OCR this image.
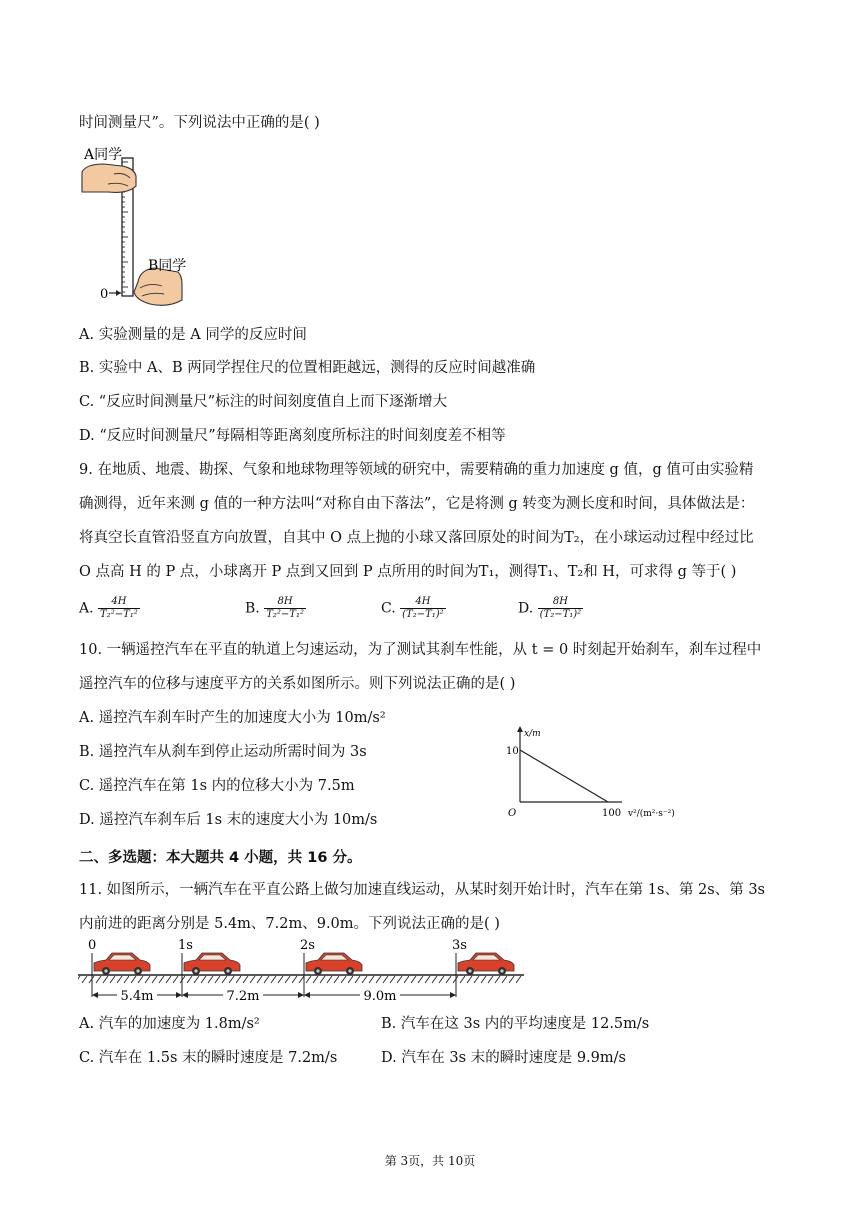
时间测量尺”。下列说法中正确的是( )
A同学
B同学
0
A. 实验测量的是 A 同学的反应时间
B. 实验中 A、B 两同学捏住尺的位置相距越远，测得的反应时间越准确
C. “反应时间测量尺”标注的时间刻度值自上而下逐渐增大
D. “反应时间测量尺”每隔相等距离刻度所标注的时间刻度差不相等
9. 在地质、地震、勘探、气象和地球物理等领域的研究中，需要精确的重力加速度 g 值，g 值可由实验精
确测得，近年来测 g 值的一种方法叫“对称自由下落法”，它是将测 g 转变为测长度和时间，具体做法是：
将真空长直管沿竖直方向放置，自其中 O 点上抛的小球又落回原处的时间为T₂，在小球运动过程中经过比
O 点高 H 的 P 点，小球离开 P 点到又回到 P 点所用的时间为T₁，测得T₁、T₂和 H，可求得 g 等于( )
A. $\frac{4H}{\text{T₂²−T₁²}}$	B. $\frac{8H}{\text{T₂²−T₁²}}$	C. $\frac{4H}{\text{(T₂−T₁)²}}$	D. $\frac{8H}{\text{(T₂−T₁)²}}$
10. 一辆遥控汽车在平直的轨道上匀速运动，为了测试其刹车性能，从 t = 0 时刻起开始刹车，刹车过程中
遥控汽车的位移与速度平方的关系如图所示。则下列说法正确的是( )
A. 遥控汽车刹车时产生的加速度大小为 10m/s²
B. 遥控汽车从刹车到停止运动所需时间为 3s
C. 遥控汽车在第 1s 内的位移大小为 7.5m
D. 遥控汽车刹车后 1s 末的速度大小为 10m/s
x/m
v²/(m²·s⁻²)
O
10
100
二、多选题：本大题共 4 小题，共 16 分。
11. 如图所示，一辆汽车在平直公路上做匀加速直线运动，从某时刻开始计时，汽车在第 1s、第 2s、第 3s
内前进的距离分别是 5.4m、7.2m、9.0m。下列说法正确的是( )
0	1s	2s	3s
5.4m	7.2m	9.0m
A. 汽车的加速度为 1.8m/s²	B. 汽车在这 3s 内的平均速度是 12.5m/s
C. 汽车在 1.5s 末的瞬时速度是 7.2m/s	D. 汽车在 3s 末的瞬时速度是 9.9m/s
第 3页，共 10页
